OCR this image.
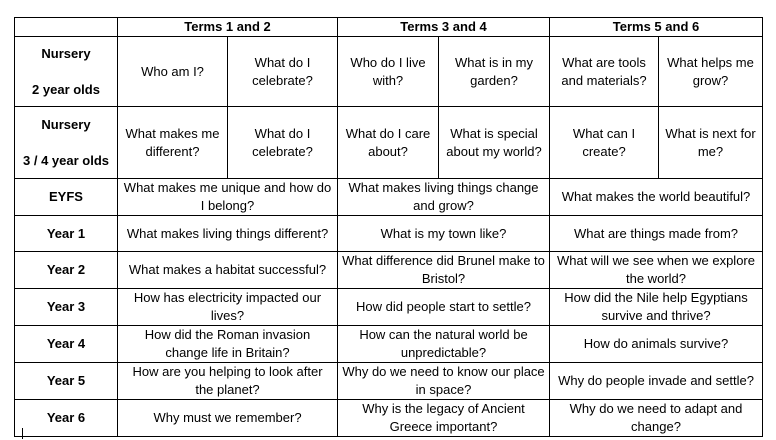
	Terms 1 and 2		Terms 3 and 4		Terms 5 and 6	

Nursery
2 year olds	Who am I?	What do I celebrate?	Who do I live with?	What is in my garden?	What are tools and materials?	What helps me grow?

Nursery
3 / 4 year olds	What makes me different?	What do I celebrate?	What do I care about?	What is special about my world?	What can I create?	What is next for me?
EYFS	What makes me unique and how do I belong?		What makes living things change and grow?		What makes the world beautiful?	
Year 1	What makes living things different?		What is my town like?		What are things made from?	
Year 2	What makes a habitat successful?		What difference did Brunel make to Bristol?		What will we see when we explore the world?	
Year 3	How has electricity impacted our lives?		How did people start to settle?		How did the Nile help Egyptians survive and thrive?	
Year 4	How did the Roman invasion change life in Britain?		How can the natural world be unpredictable?		How do animals survive?	
Year 5	How are you helping to look after the planet?		Why do we need to know our place in space?		Why do people invade and settle?	
Year 6	Why must we remember?		Why is the legacy of Ancient Greece important?		Why do we need to adapt and change?	
